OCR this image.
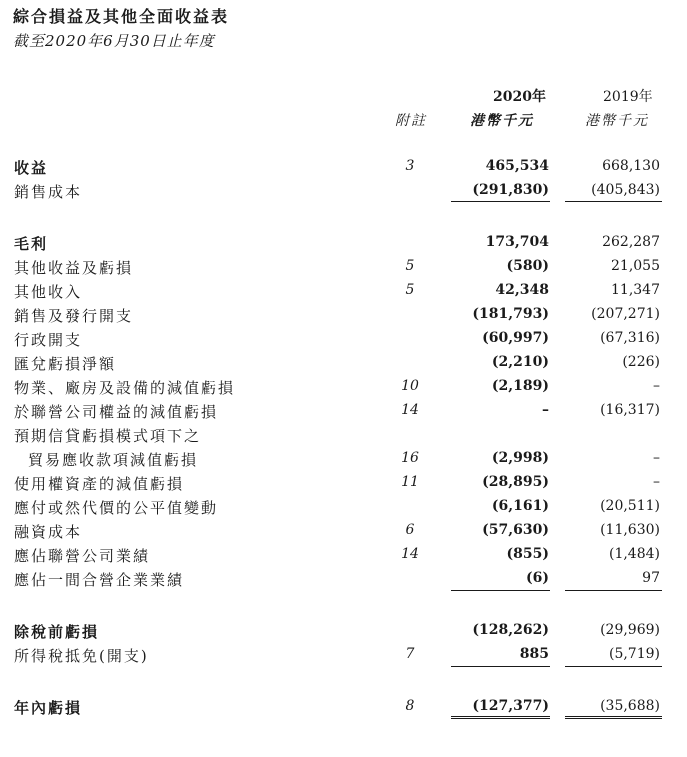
綜合損益及其他全面收益表
截至2020年6月30日止年度
2020年	2019年
附註	港幣千元	港幣千元
收益	3	465,534	668,130
銷售成本	(291,830)	(405,843)
毛利	173,704	262,287
其他收益及虧損	5	(580)	21,055
其他收入	5	42,348	11,347
銷售及發行開支	(181,793)	(207,271)
行政開支	(60,997)	(67,316)
匯兌虧損淨額	(2,210)	(226)
物業、廠房及設備的減值虧損	10	(2,189)	–
於聯營公司權益的減值虧損	14	–	(16,317)
預期信貸虧損模式項下之
貿易應收款項減值虧損	16	(2,998)	–
使用權資產的減值虧損	11	(28,895)	–
應付或然代價的公平值變動	(6,161)	(20,511)
融資成本	6	(57,630)	(11,630)
應佔聯營公司業績	14	(855)	(1,484)
應佔一間合營企業業績	(6)	97
除稅前虧損	(128,262)	(29,969)
所得稅抵免(開支)	7	885	(5,719)
年內虧損	8	(127,377)	(35,688)
